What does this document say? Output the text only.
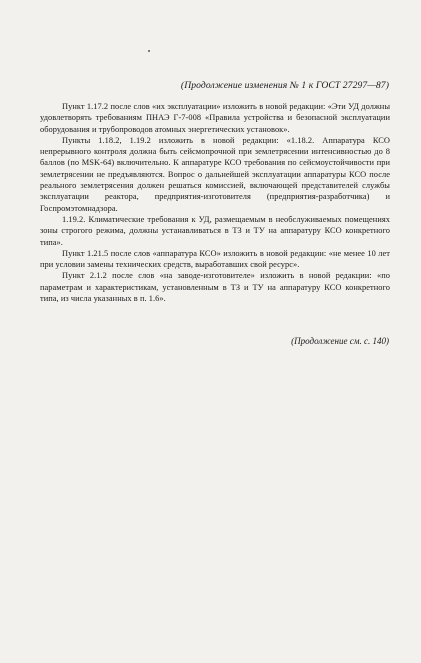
(Продолжение изменения № 1 к ГОСТ 27297—87)

Пункт 1.17.2 после слов «их эксплуатации» изложить в новой редакции: «Эти УД должны удовлетворять требованиям ПНАЭ Г-7-008 «Правила устройства и безопасной эксплуатации оборудования и трубопроводов атомных энергетических установок».

Пункты 1.18.2, 1.19.2 изложить в новой редакции: «1.18.2. Аппаратура КСО непрерывного контроля должна быть сейсмопрочной при землетрясении интенсивностью до 8 баллов (по MSK-64) включительно. К аппаратуре КСО требования по сейсмоустойчивости при землетрясении не предъявляются. Вопрос о дальнейшей эксплуатации аппаратуры КСО после реального землетрясения должен решаться комиссией, включающей представителей службы эксплуатации реактора, предприятия-изготовителя (предприятия-разработчика) и Госпромэтомнадзора.

1.19.2. Климатические требования к УД, размещаемым в необслуживаемых помещениях зоны строгого режима, должны устанавливаться в ТЗ и ТУ на аппаратуру КСО конкретного типа».

Пункт 1.21.5 после слов «аппаратура КСО» изложить в новой редакции: «не менее 10 лет при условии замены технических средств, выработавших свой ресурс».

Пункт 2.1.2 после слов «на заводе-изготовителе» изложить в новой редакции: «по параметрам и характеристикам, установленным в ТЗ и ТУ на аппаратуру КСО конкретного типа, из числа указанных в п. 1.6».

(Продолжение см. с. 140)
